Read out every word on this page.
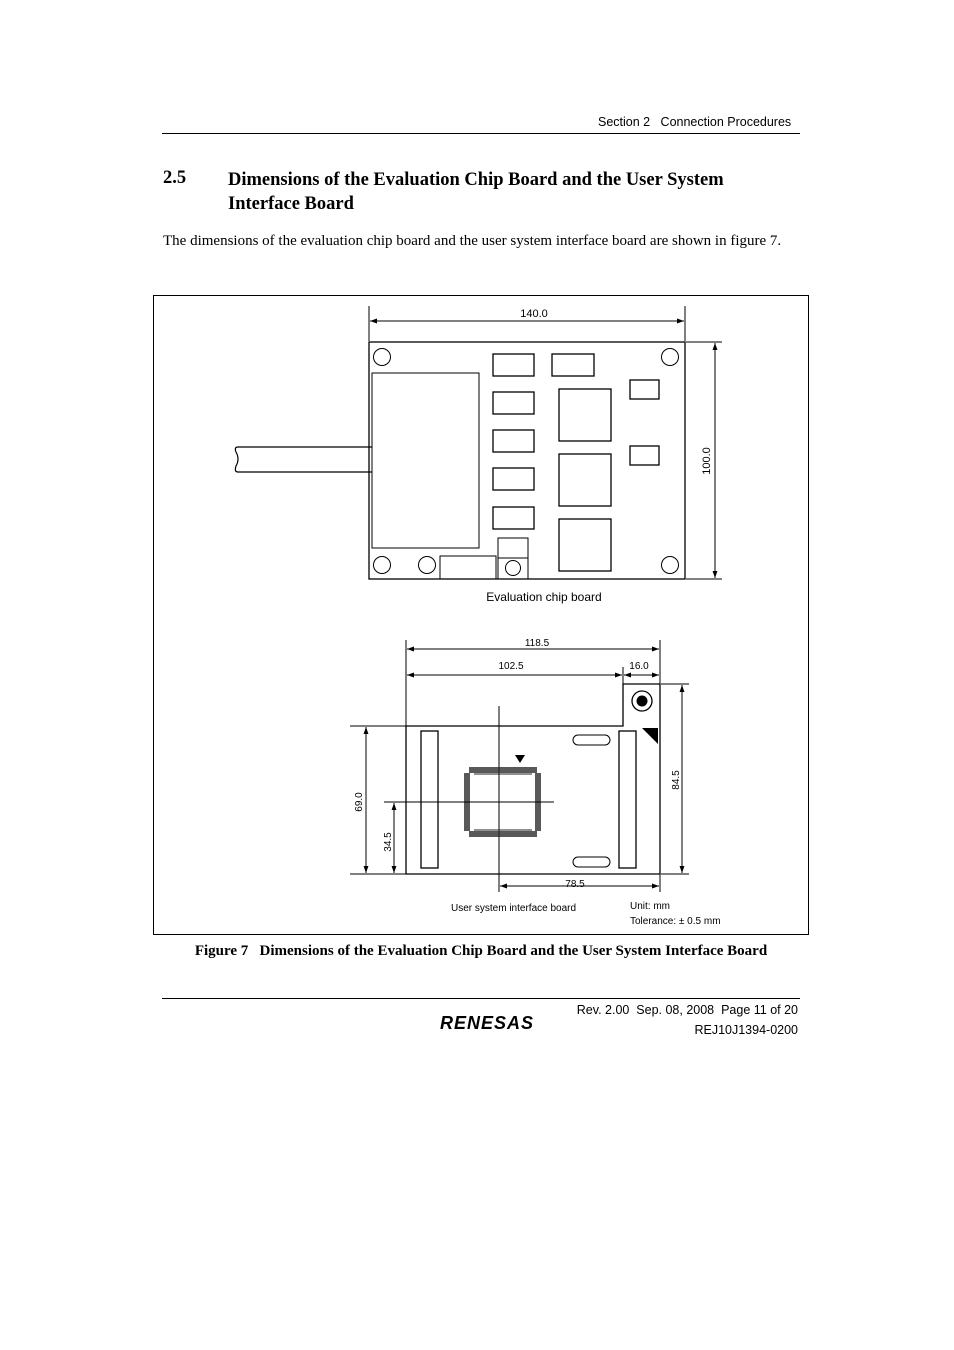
Section 2   Connection Procedures
2.5 Dimensions of the Evaluation Chip Board and the User System Interface Board
The dimensions of the evaluation chip board and the user system interface board are shown in figure 7.
140.0
100.0
Evaluation chip board
118.5
102.5	16.0
84.5
69.0
34.5
78.5
User system interface board	Unit: mm
Tolerance: ± 0.5 mm
Figure 7   Dimensions of the Evaluation Chip Board and the User System Interface Board
Rev. 2.00  Sep. 08, 2008  Page 11 of 20
REJ10J1394-0200
RENESAS
